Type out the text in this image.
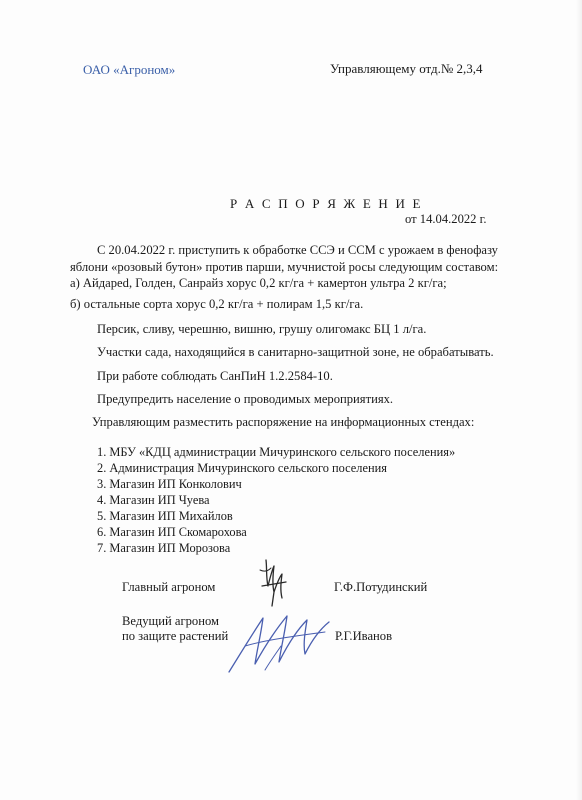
ОАО «Агроном»	Управляющему отд.№ 2,3,4
Р А С П О Р Я Ж Е Н И Е
от 14.04.2022 г.
С 20.04.2022 г. приступить к обработке ССЭ и ССМ с урожаем в фенофазу
яблони «розовый бутон» против парши, мучнистой росы следующим составом:
а) Айдарed, Голден, Санрайз хорус 0,2 кг/га + камертон ультра 2 кг/га;
б) остальные сорта хорус 0,2 кг/га + полирам 1,5 кг/га.
Персик, сливу, черешню, вишню, грушу олигомакс БЦ 1 л/га.
Участки сада, находящийся в санитарно-защитной зоне, не обрабатывать.
При работе соблюдать СанПиН 1.2.2584-10.
Предупредить население о проводимых мероприятиях.
Управляющим разместить распоряжение на информационных стендах:
1. МБУ «КДЦ администрации Мичуринского сельского поселения»
2. Администрация Мичуринского сельского поселения
3. Магазин ИП Конколович
4. Магазин ИП Чуева
5. Магазин ИП Михайлов
6. Магазин ИП Скомарохова
7. Магазин ИП Морозова
Главный агроном	Г.Ф.Потудинский
Ведущий агроном
по защите растений	Р.Г.Иванов
